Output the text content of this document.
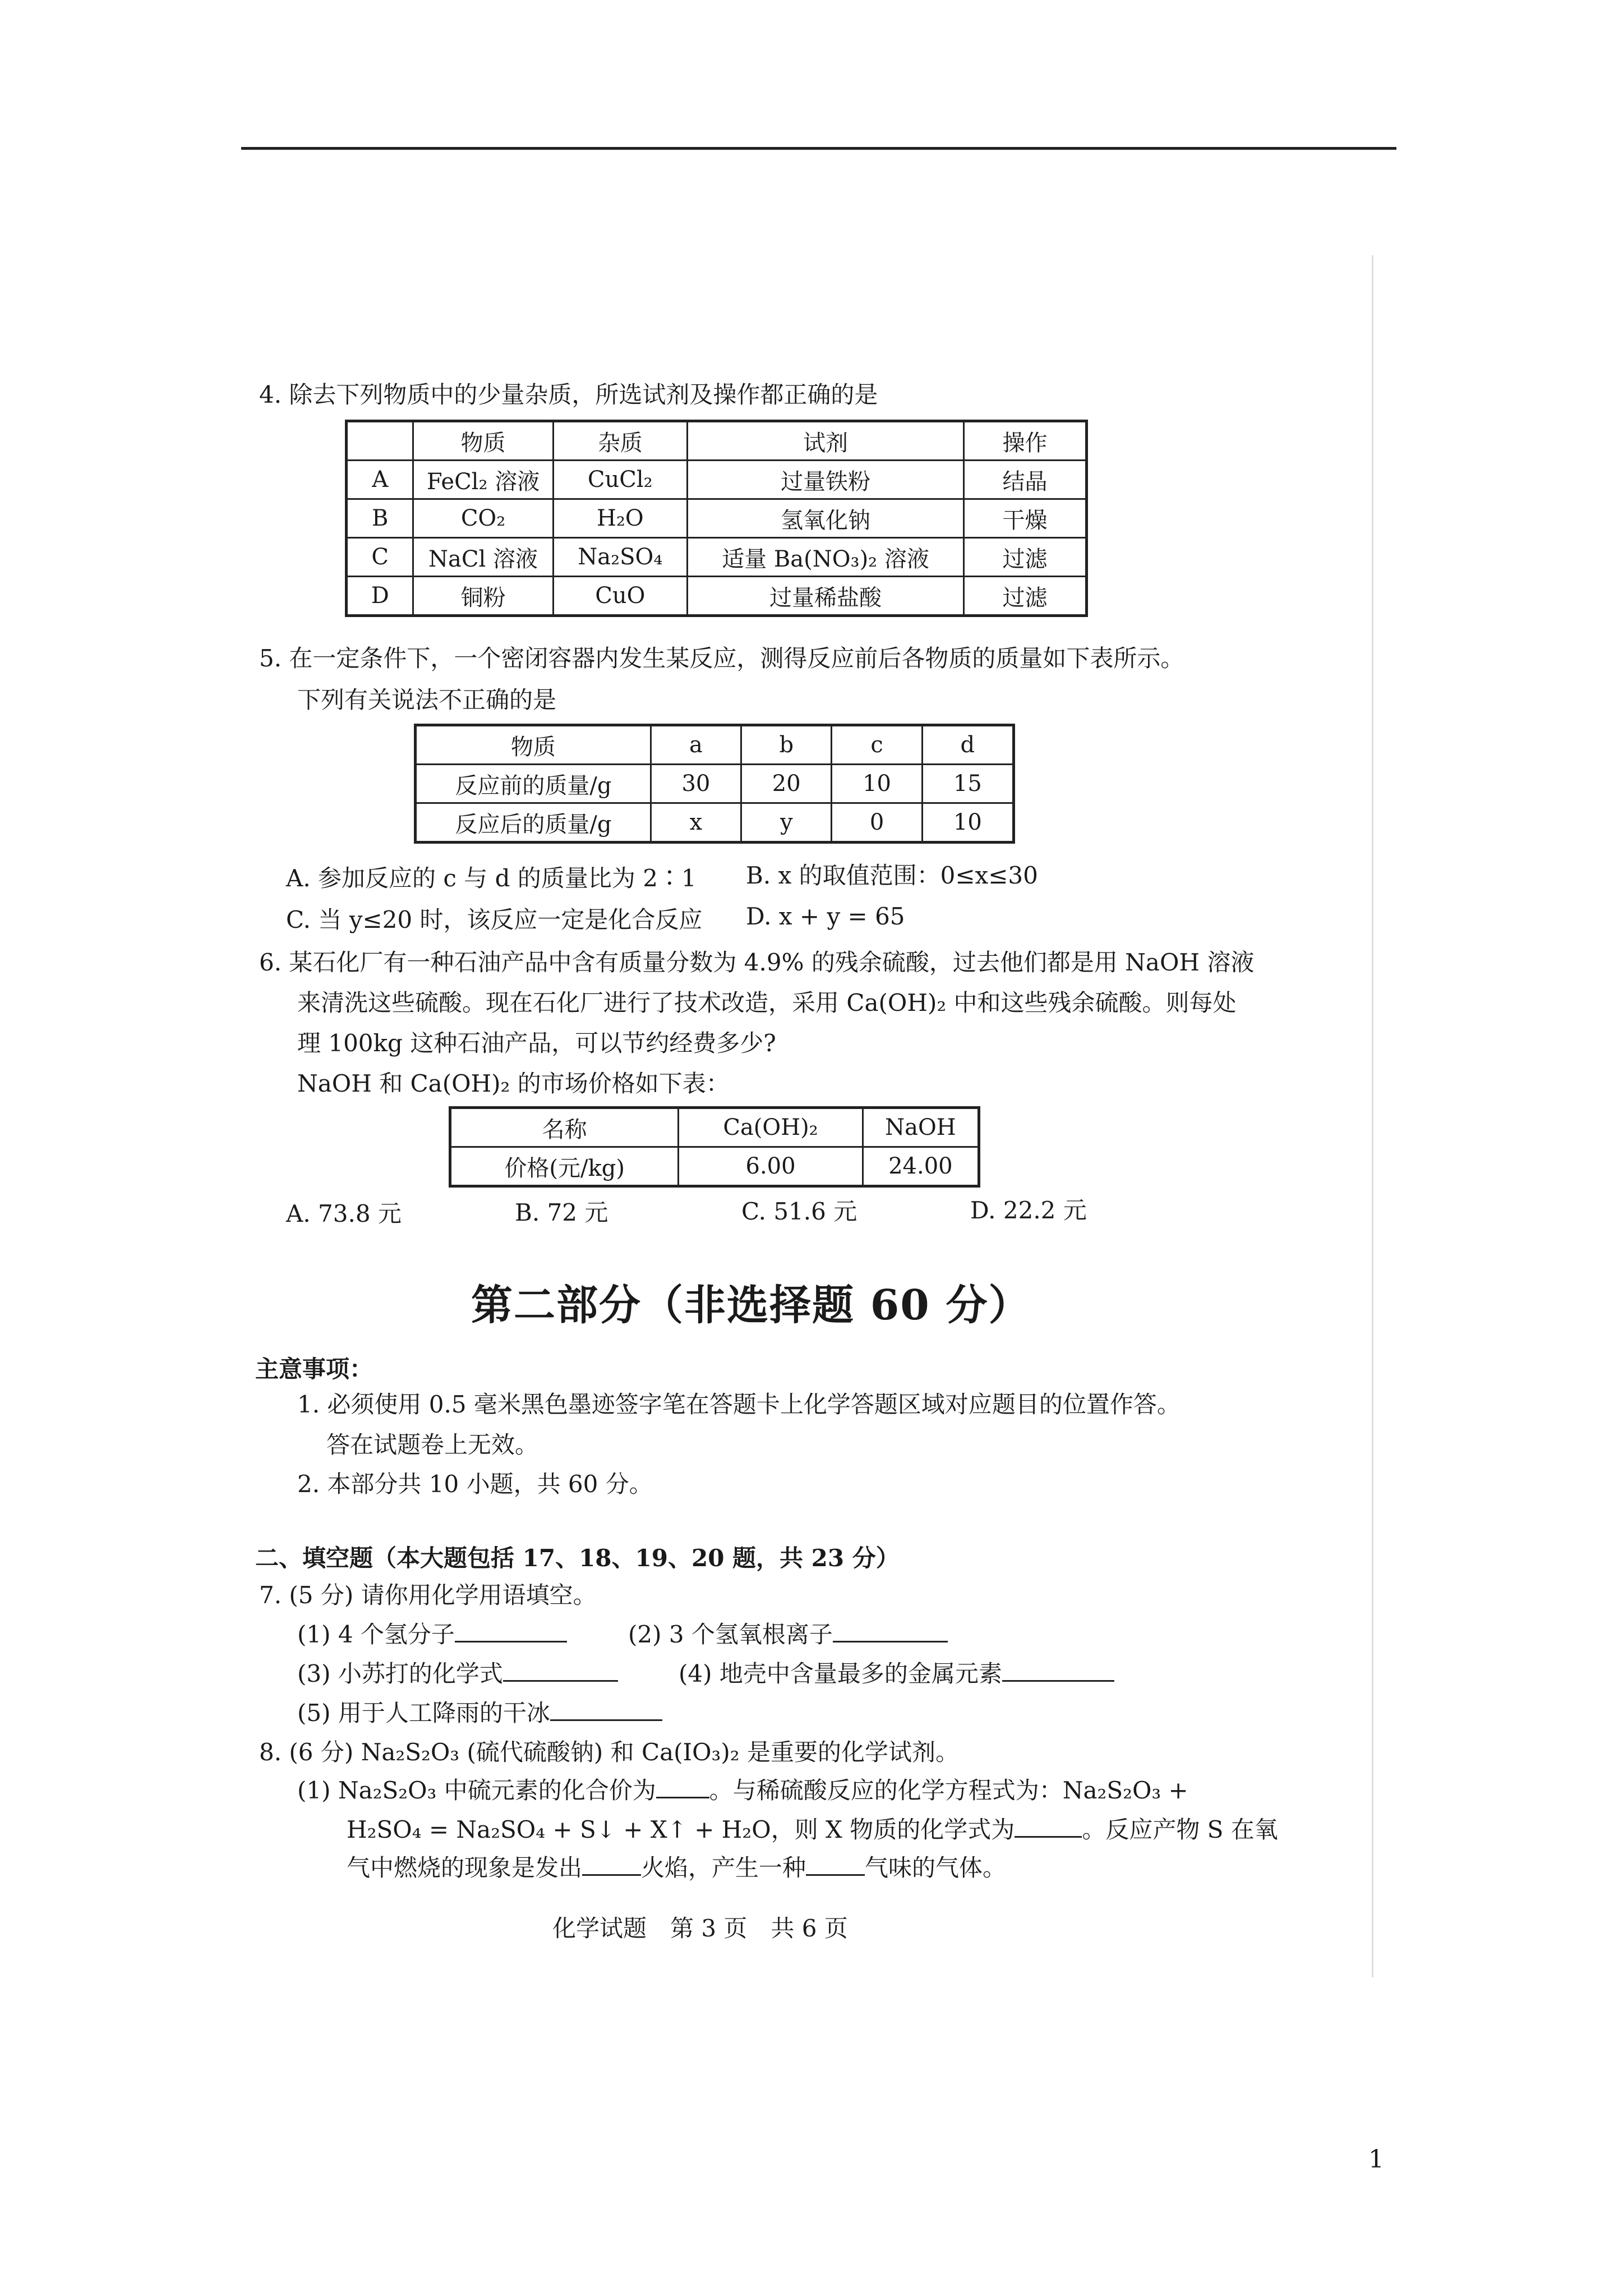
4. 除去下列物质中的少量杂质，所选试剂及操作都正确的是
	物质	杂质	试剂	操作
A	FeCl₂ 溶液	CuCl₂	过量铁粉	结晶
B	CO₂	H₂O	氢氧化钠	干燥
C	NaCl 溶液	Na₂SO₄	适量 Ba(NO₃)₂ 溶液	过滤
D	铜粉	CuO	过量稀盐酸	过滤
5. 在一定条件下，一个密闭容器内发生某反应，测得反应前后各物质的质量如下表所示。
下列有关说法不正确的是
物质	a	b	c	d
反应前的质量/g	30	20	10	15
反应后的质量/g	x	y	0	10
A. 参加反应的 c 与 d 的质量比为 2∶1 B. x 的取值范围：0≤x≤30
C. 当 y≤20 时，该反应一定是化合反应 D. x + y = 65
6. 某石化厂有一种石油产品中含有质量分数为 4.9% 的残余硫酸，过去他们都是用 NaOH 溶液
来清洗这些硫酸。现在石化厂进行了技术改造，采用 Ca(OH)₂ 中和这些残余硫酸。则每处
理 100kg 这种石油产品，可以节约经费多少?
NaOH 和 Ca(OH)₂ 的市场价格如下表：
名称	Ca(OH)₂	NaOH
价格(元/kg)	6.00	24.00
A. 73.8 元	B. 72 元	C. 51.6 元	D. 22.2 元
第二部分（非选择题 60 分）
主意事项：
1. 必须使用 0.5 毫米黑色墨迹签字笔在答题卡上化学答题区域对应题目的位置作答。
答在试题卷上无效。
2. 本部分共 10 小题，共 60 分。
二、填空题（本大题包括 17、18、19、20 题，共 23 分）
7. (5 分) 请你用化学用语填空。
(1) 4 个氢分子	(2) 3 个氢氧根离子
(3) 小苏打的化学式	(4) 地壳中含量最多的金属元素
(5) 用于人工降雨的干冰
8. (6 分) Na₂S₂O₃ (硫代硫酸钠) 和 Ca(IO₃)₂ 是重要的化学试剂。
(1) Na₂S₂O₃ 中硫元素的化合价为 。与稀硫酸反应的化学方程式为：Na₂S₂O₃ +
H₂SO₄ = Na₂SO₄ + S↓ + X↑ + H₂O，则 X 物质的化学式为	。反应产物 S 在氧
气中燃烧的现象是发出	火焰，产生一种	气味的气体。
化学试题　第 3 页　共 6 页
1
